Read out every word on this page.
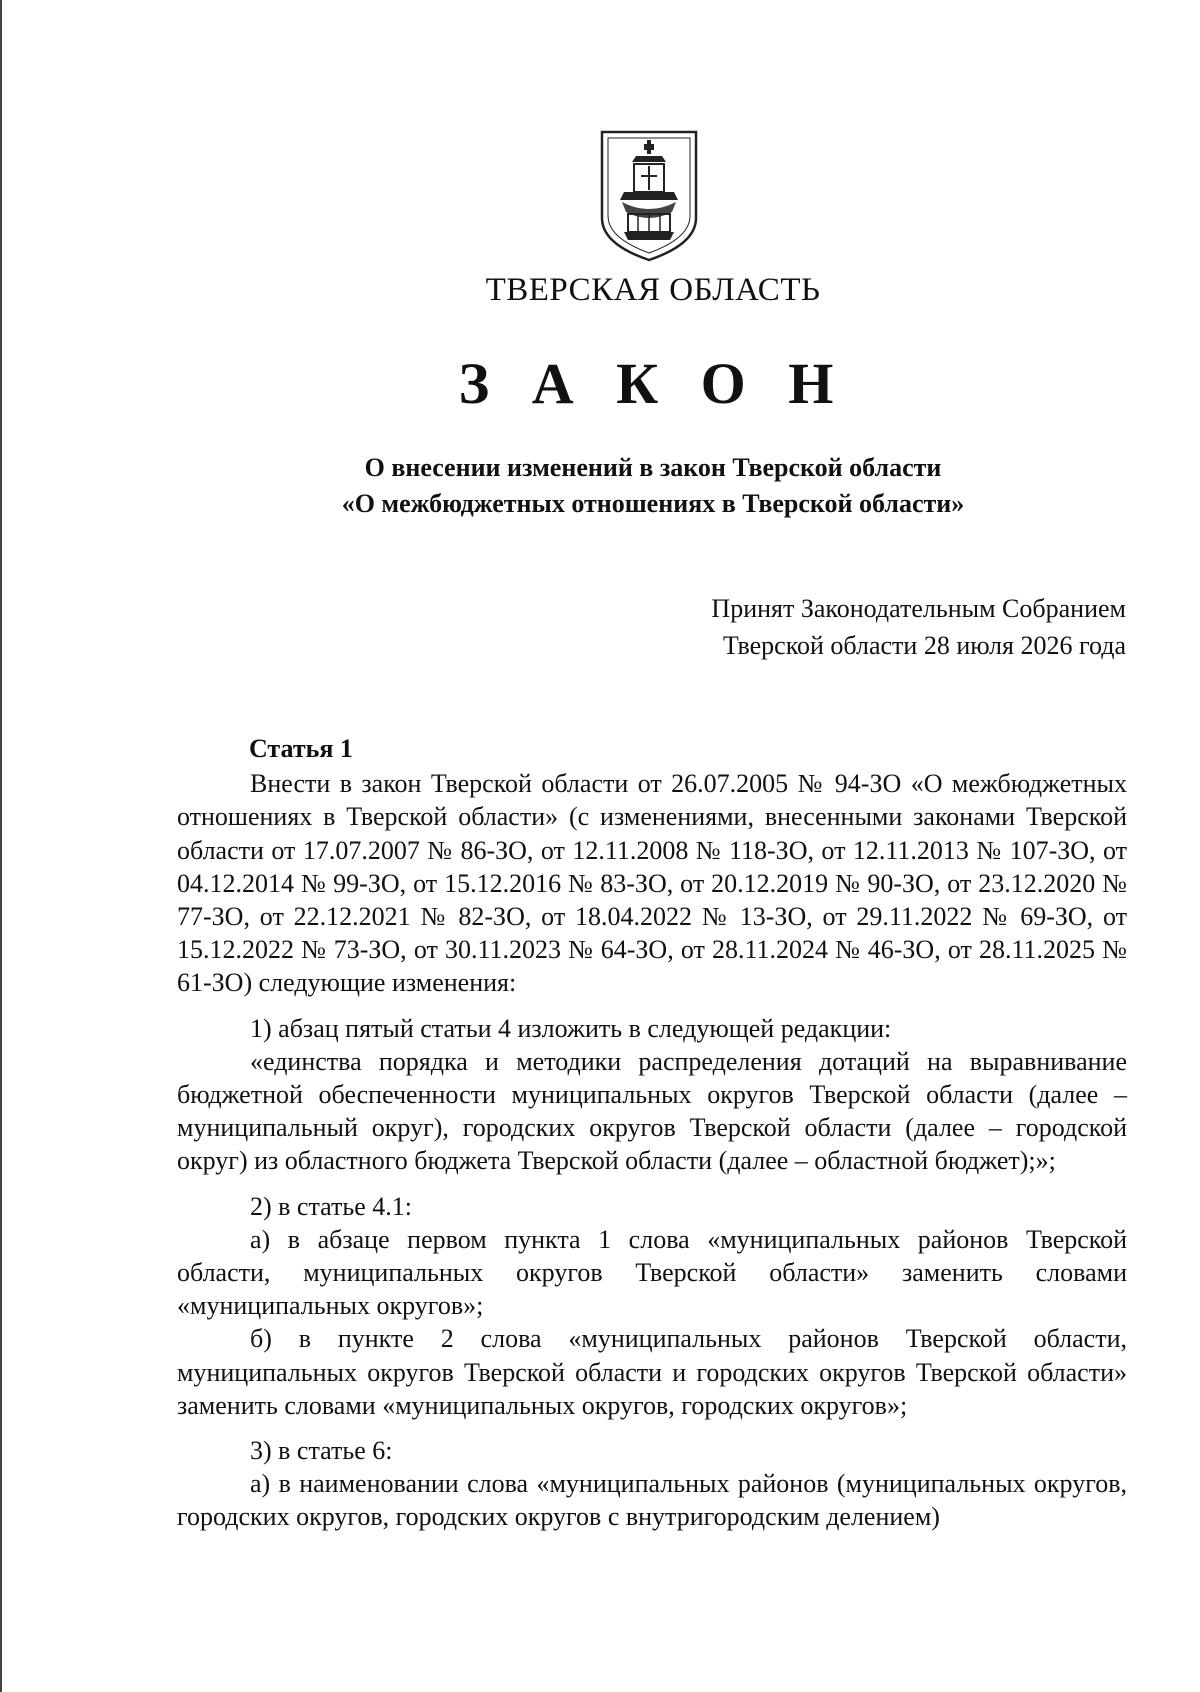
ТВЕРСКАЯ ОБЛАСТЬ
З А К О Н
О внесении изменений в закон Тверской области
«О межбюджетных отношениях в Тверской области»
Принят Законодательным Собранием
Тверской области 28 июля 2026 года
Статья 1

Внести в закон Тверской области от 26.07.2005 № 94-ЗО «О межбюджетных отношениях в Тверской области» (с изменениями, внесенными законами Тверской области от 17.07.2007 № 86-ЗО, от 12.11.2008 № 118-ЗО, от 12.11.2013 № 107-ЗО, от 04.12.2014 № 99-ЗО, от 15.12.2016 № 83-ЗО, от 20.12.2019 № 90-ЗО, от 23.12.2020 № 77-ЗО, от 22.12.2021 № 82-ЗО, от 18.04.2022 № 13-ЗО, от 29.11.2022 № 69-ЗО, от 15.12.2022 № 73-ЗО, от 30.11.2023 № 64-ЗО, от 28.11.2024 № 46-ЗО, от 28.11.2025 № 61-ЗО) следующие изменения:

1) абзац пятый статьи 4 изложить в следующей редакции:

«единства порядка и методики распределения дотаций на выравнивание бюджетной обеспеченности муниципальных округов Тверской области (далее – муниципальный округ), городских округов Тверской области (далее – городской округ) из областного бюджета Тверской области (далее – областной бюджет);»;

2) в статье 4.1:

а) в абзаце первом пункта 1 слова «муниципальных районов Тверской области, муниципальных округов Тверской области» заменить словами «муниципальных округов»;

б) в пункте 2 слова «муниципальных районов Тверской области, муниципальных округов Тверской области и городских округов Тверской области» заменить словами «муниципальных округов, городских округов»;

3) в статье 6:

а) в наименовании слова «муниципальных районов (муниципальных округов, городских округов, городских округов с внутригородским делением)
